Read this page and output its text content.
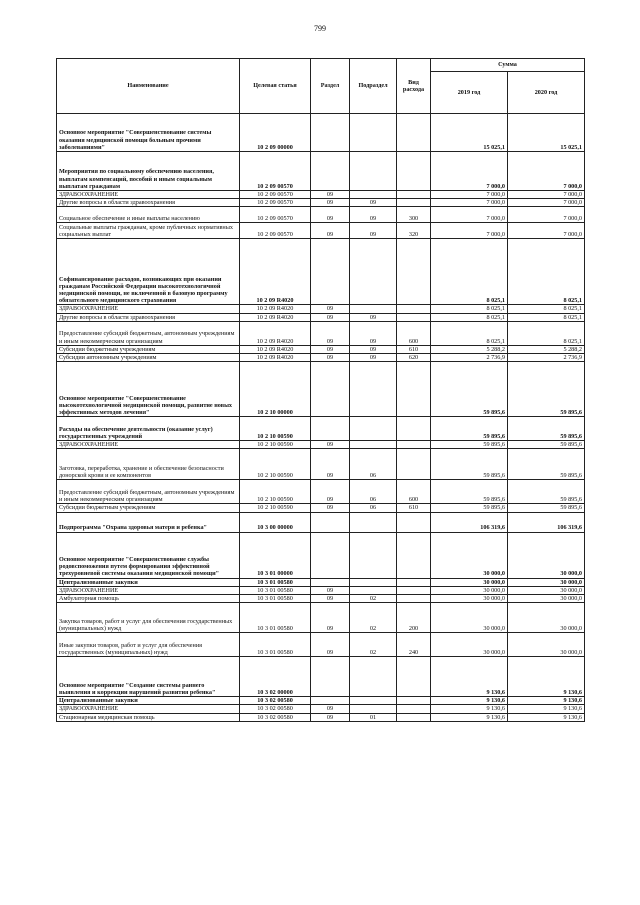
799
Наименование	Целевая статья	Раздел	Подраздел	Вид расхода	Сумма	
					2019 год	2020 год
Основное мероприятие "Совершенствование системы оказания медицинской помощи больным прочими заболеваниями"	10 2 09 00000				15 025,1	15 025,1
Мероприятия по социальному обеспечению населения, выплатам компенсаций, пособий и иным социальным выплатам гражданам	10 2 09 00570				7 000,0	7 000,0
ЗДРАВООХРАНЕНИЕ	10 2 09 00570	09			7 000,0	7 000,0
Другие вопросы в области здравоохранения	10 2 09 00570	09	09		7 000,0	7 000,0
Социальное обеспечение и иные выплаты населению	10 2 09 00570	09	09	300	7 000,0	7 000,0
Социальные выплаты гражданам, кроме публичных нормативных социальных выплат	10 2 09 00570	09	09	320	7 000,0	7 000,0
Софинансирование расходов, возникающих при оказании гражданам Российской Федерации высокотехнологичной медицинской помощи, не включенной в базовую программу обязательного медицинского страхования	10 2 09 R4020				8 025,1	8 025,1
ЗДРАВООХРАНЕНИЕ	10 2 09 R4020	09			8 025,1	8 025,1
Другие вопросы в области здравоохранения	10 2 09 R4020	09	09		8 025,1	8 025,1
Предоставление субсидий бюджетным, автономным учреждениям и иным некоммерческим организациям	10 2 09 R4020	09	09	600	8 025,1	8 025,1
Субсидии бюджетным учреждениям	10 2 09 R4020	09	09	610	5 288,2	5 288,2
Субсидии автономным учреждениям	10 2 09 R4020	09	09	620	2 736,9	2 736,9
Основное мероприятие "Совершенствование высокотехнологичной медицинской помощи, развитие новых эффективных методов лечения"	10 2 10 00000				59 895,6	59 895,6
Расходы на обеспечение деятельности (оказание услуг) государственных учреждений	10 2 10 00590				59 895,6	59 895,6
ЗДРАВООХРАНЕНИЕ	10 2 10 00590	09			59 895,6	59 895,6
Заготовка, переработка, хранение и обеспечение безопасности донорской крови и ее компонентов	10 2 10 00590	09	06		59 895,6	59 895,6
Предоставление субсидий бюджетным, автономным учреждениям и иным некоммерческим организациям	10 2 10 00590	09	06	600	59 895,6	59 895,6
Субсидии бюджетным учреждениям	10 2 10 00590	09	06	610	59 895,6	59 895,6
Подпрограмма "Охрана здоровья матери и ребенка"	10 3 00 00000				106 319,6	106 319,6
Основное мероприятие "Совершенствование службы родовспоможения путем формирования эффективной трехуровневой системы оказания медицинской помощи"	10 3 01 00000				30 000,0	30 000,0
Централизованные закупки	10 3 01 00580				30 000,0	30 000,0
ЗДРАВООХРАНЕНИЕ	10 3 01 00580	09			30 000,0	30 000,0
Амбулаторная помощь	10 3 01 00580	09	02		30 000,0	30 000,0
Закупка товаров, работ и услуг для обеспечения государственных (муниципальных) нужд	10 3 01 00580	09	02	200	30 000,0	30 000,0
Иные закупки товаров, работ и услуг для обеспечения государственных (муниципальных) нужд	10 3 01 00580	09	02	240	30 000,0	30 000,0
Основное мероприятие "Создание системы раннего выявления и коррекции нарушений развития ребенка"	10 3 02 00000				9 130,6	9 130,6
Централизованные закупки	10 3 02 00580				9 130,6	9 130,6
ЗДРАВООХРАНЕНИЕ	10 3 02 00580	09			9 130,6	9 130,6
Стационарная медицинская помощь	10 3 02 00580	09	01		9 130,6	9 130,6
